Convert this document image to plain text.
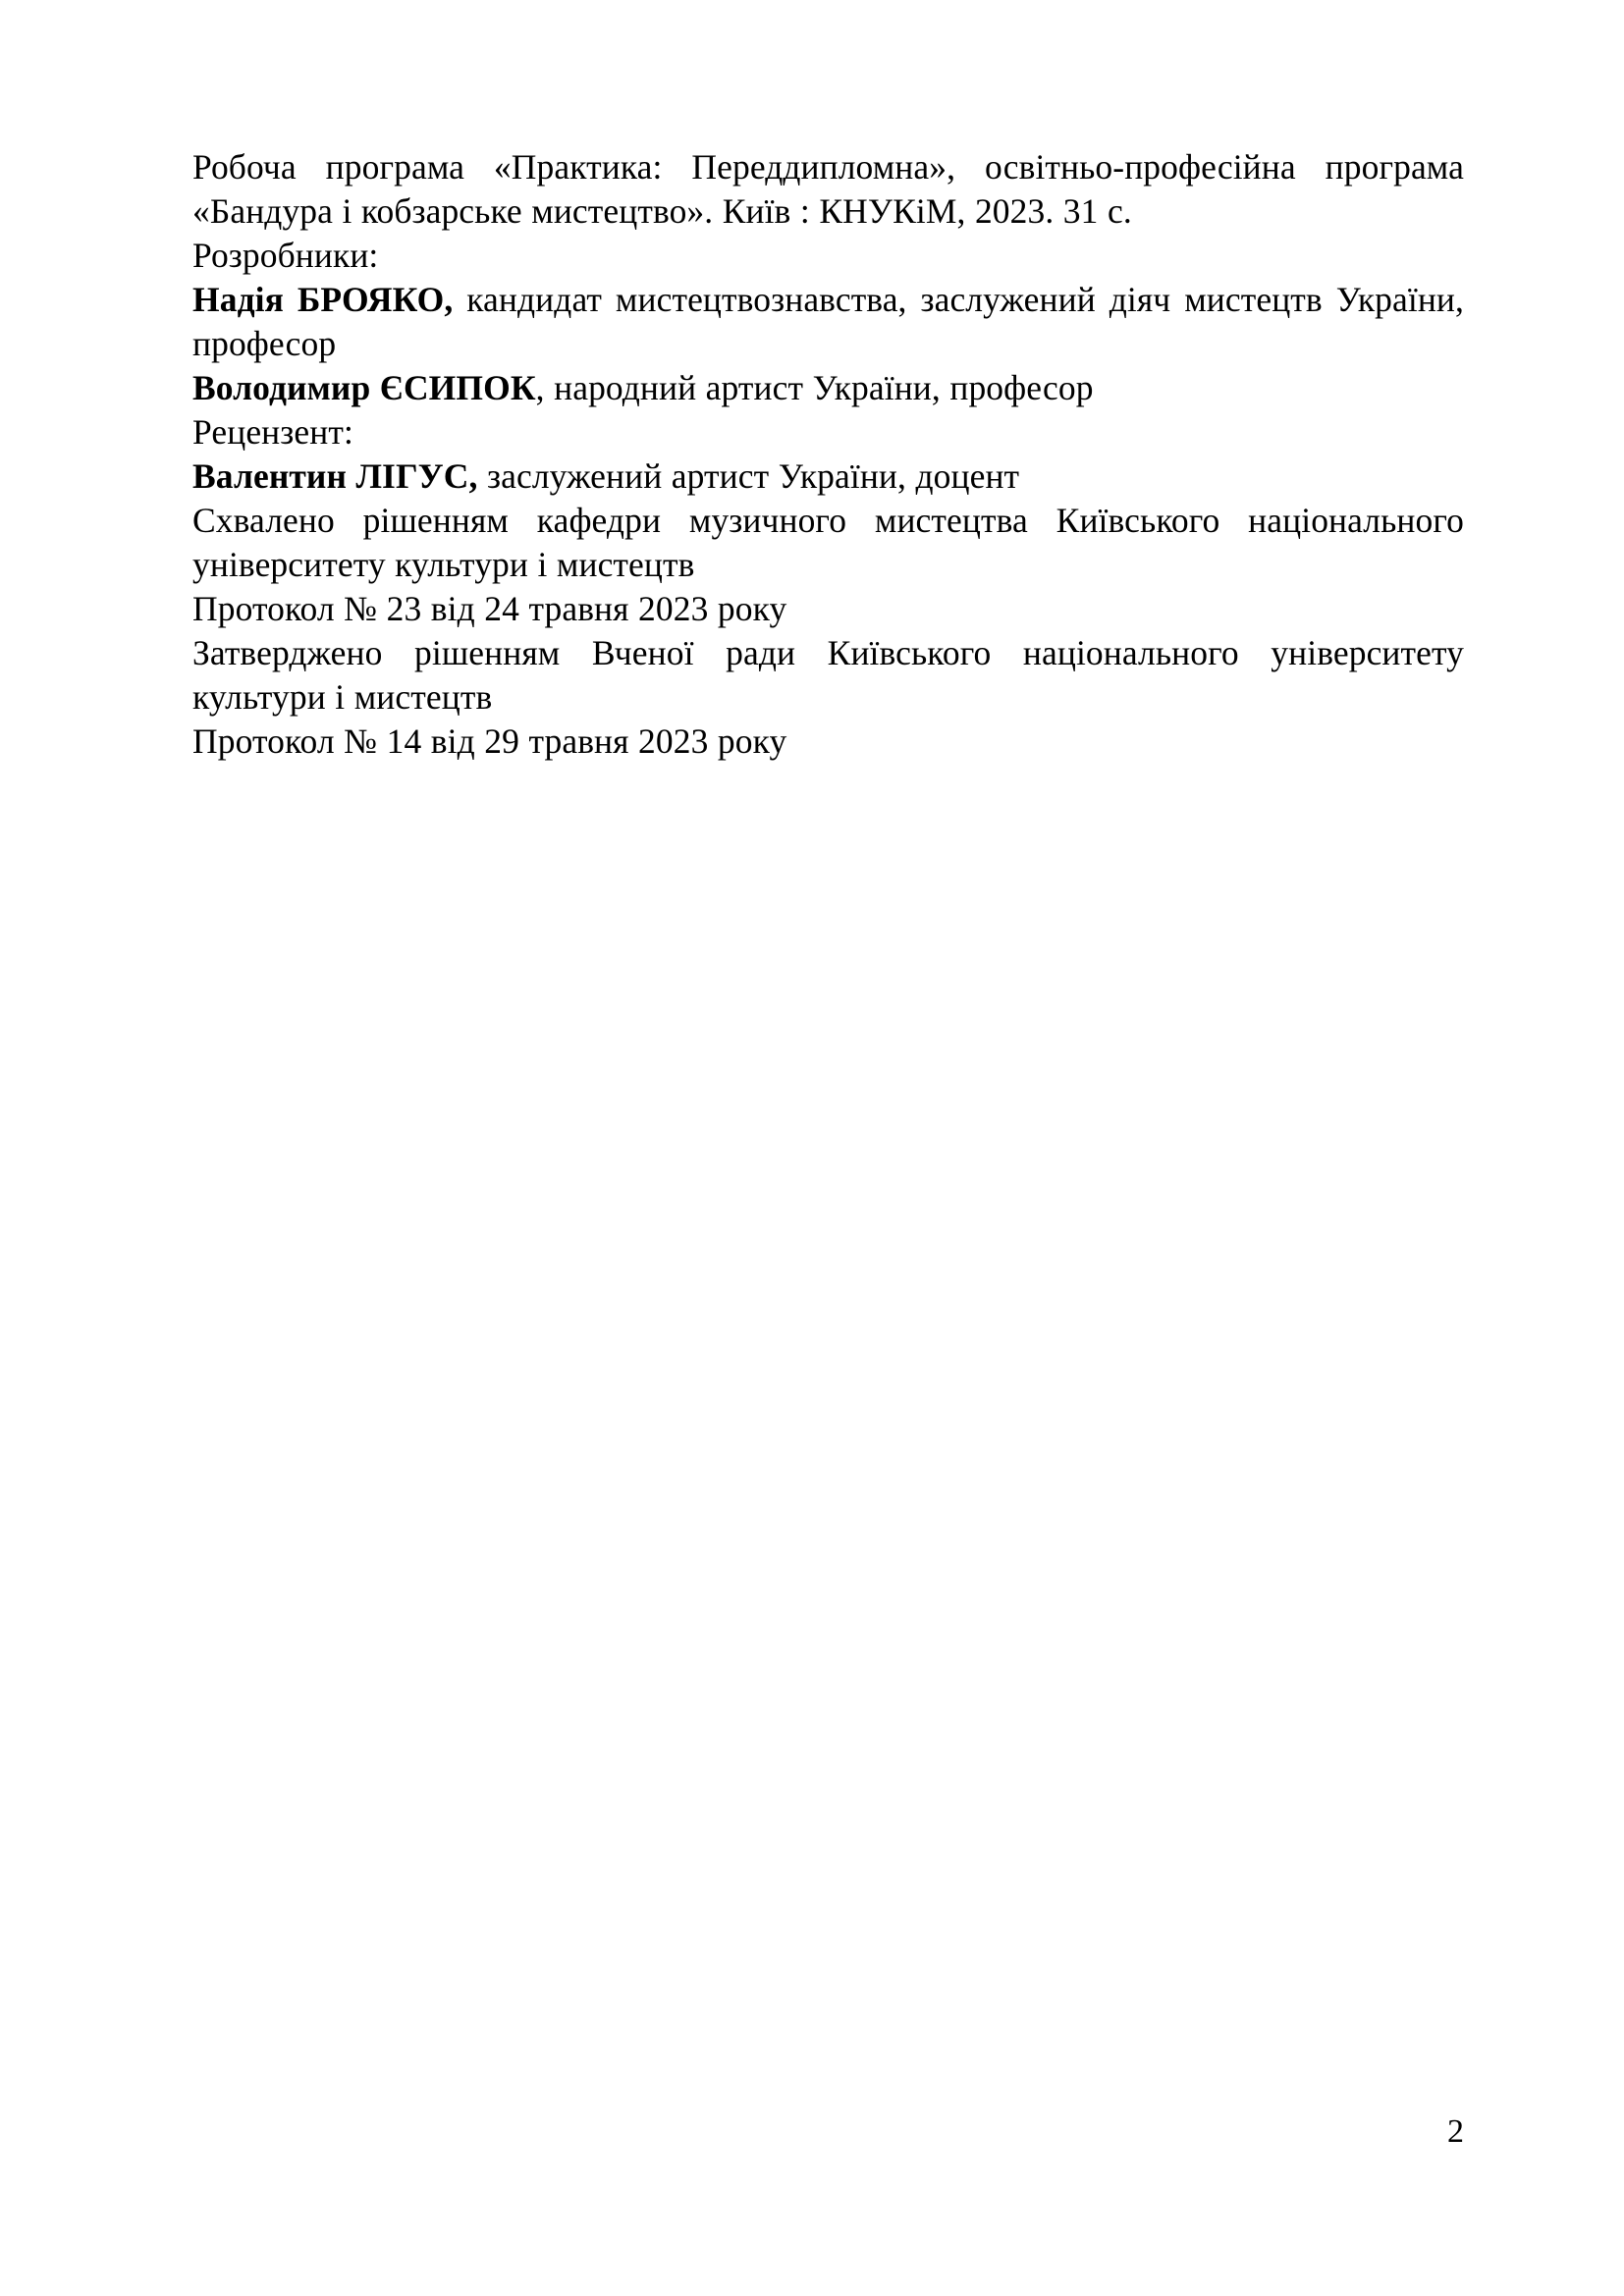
Робоча програма «Практика: Переддипломна», освітньо-професійна програма «Бандура і кобзарське мистецтво». Київ : КНУКіМ, 2023. 31 с.

Розробники:

Надія БРОЯКО, кандидат мистецтвознавства, заслужений діяч мистецтв України, професор

Володимир ЄСИПОК, народний артист України, професор

Рецензент:

Валентин ЛІГУС, заслужений артист України, доцент

Схвалено рішенням кафедри музичного мистецтва Київського національного університету культури і мистецтв

Протокол № 23 від 24 травня 2023 року

Затверджено рішенням Вченої ради Київського національного університету культури і мистецтв

Протокол № 14 від 29 травня 2023 року

2
